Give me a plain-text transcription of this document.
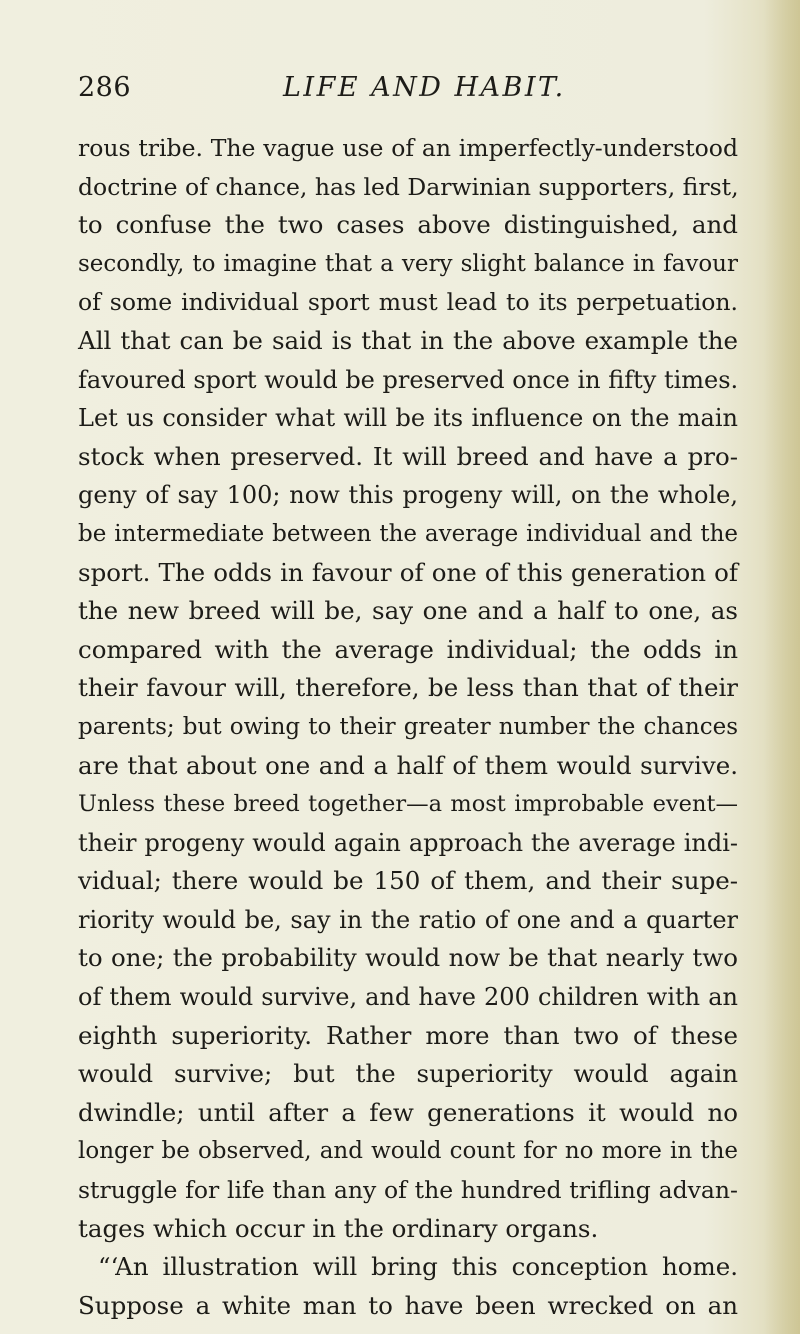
286	LIFE AND HABIT.
rous tribe. The vague use of an imperfectly-understood
doctrine of chance, has led Darwinian supporters, first,
to confuse the two cases above distinguished, and
secondly, to imagine that a very slight balance in favour
of some individual sport must lead to its perpetuation.
All that can be said is that in the above example the
favoured sport would be preserved once in fifty times.
Let us consider what will be its influence on the main
stock when preserved. It will breed and have a pro-
geny of say 100; now this progeny will, on the whole,
be intermediate between the average individual and the
sport. The odds in favour of one of this generation of
the new breed will be, say one and a half to one, as
compared with the average individual; the odds in
their favour will, therefore, be less than that of their
parents; but owing to their greater number the chances
are that about one and a half of them would survive.
Unless these breed together—a most improbable event—
their progeny would again approach the average indi-
vidual; there would be 150 of them, and their supe-
riority would be, say in the ratio of one and a quarter
to one; the probability would now be that nearly two
of them would survive, and have 200 children with an
eighth superiority. Rather more than two of these
would survive; but the superiority would again
dwindle; until after a few generations it would no
longer be observed, and would count for no more in the
struggle for life than any of the hundred trifling advan-
tages which occur in the ordinary organs.
“‘An illustration will bring this conception home.
Suppose a white man to have been wrecked on an
